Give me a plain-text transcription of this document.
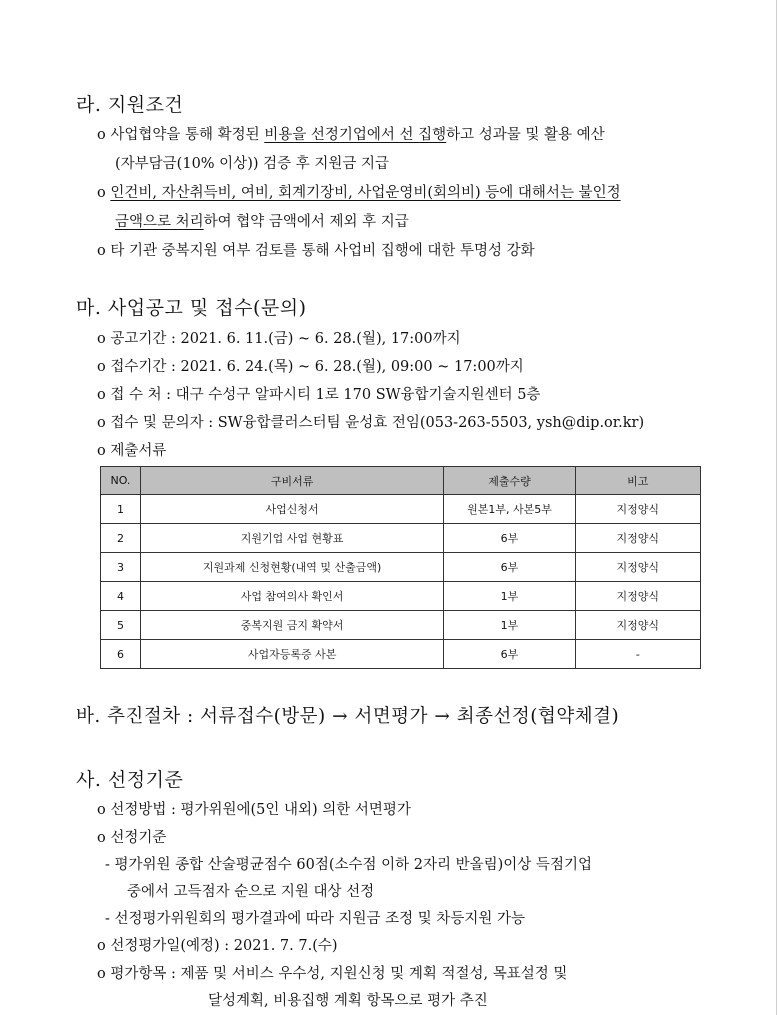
라. 지원조건
o 사업협약을 통해 확정된 비용을 선정기업에서 선 집행하고 성과물 및 활용 예산
(자부담금(10% 이상)) 검증 후 지원금 지급
o 인건비, 자산취득비, 여비, 회계기장비, 사업운영비(회의비) 등에 대해서는 불인정
금액으로 처리하여 협약 금액에서 제외 후 지급
o 타 기관 중복지원 여부 검토를 통해 사업비 집행에 대한 투명성 강화
마. 사업공고 및 접수(문의)
o 공고기간 : 2021. 6. 11.(금) ~ 6. 28.(월), 17:00까지
o 접수기간 : 2021. 6. 24.(목) ~ 6. 28.(월), 09:00 ~ 17:00까지
o 접 수 처 : 대구 수성구 알파시티 1로 170 SW융합기술지원센터 5층
o 접수 및 문의자 : SW융합클러스터팀 윤성효 전임(053-263-5503, ysh@dip.or.kr)
o 제출서류
NO.	구비서류	제출수량	비고
1	사업신청서	원본1부, 사본5부	지정양식
2	지원기업 사업 현황표	6부	지정양식
3	지원과제 신청현황(내역 및 산출금액)	6부	지정양식
4	사업 참여의사 확인서	1부	지정양식
5	중복지원 금지 확약서	1부	지정양식
6	사업자등록증 사본	6부	-
바. 추진절차 : 서류접수(방문) → 서면평가 → 최종선정(협약체결)
사. 선정기준
o 선정방법 : 평가위원에(5인 내외) 의한 서면평가
o 선정기준
- 평가위원 종합 산술평균점수 60점(소수점 이하 2자리 반올림)이상 득점기업
중에서 고득점자 순으로 지원 대상 선정
- 선정평가위원회의 평가결과에 따라 지원금 조정 및 차등지원 가능
o 선정평가일(예정) : 2021. 7. 7.(수)
o 평가항목 : 제품 및 서비스 우수성, 지원신청 및 계획 적절성, 목표설정 및
달성계획, 비용집행 계획 항목으로 평가 추진
